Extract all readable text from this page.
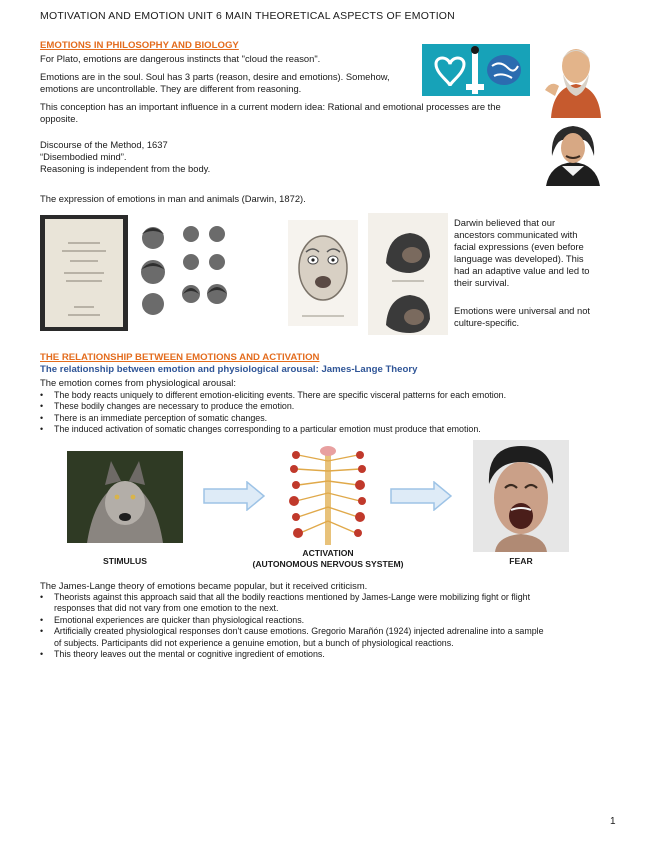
MOTIVATION AND EMOTION UNIT 6 MAIN THEORETICAL ASPECTS OF EMOTION
EMOTIONS IN PHILOSOPHY AND BIOLOGY
For Plato, emotions are dangerous instincts that "cloud the reason".
Emotions are in the soul. Soul has 3 parts (reason, desire and emotions). Somehow,
emotions are uncontrollable. They are different from reasoning.
This conception has an important influence in a current modern idea: Rational and emotional processes are the
opposite.
Discourse of the Method, 1637
“Disembodied mind”.
Reasoning is independent from the body.
The expression of emotions in man and animals (Darwin, 1872).
Darwin believed that our
ancestors communicated with
facial expressions (even before
language was developed). This
had an adaptive value and led to
their survival.
Emotions were universal and not
culture-specific.
THE RELATIONSHIP BETWEEN EMOTIONS AND ACTIVATION
The relationship between emotion and physiological arousal: James-Lange Theory
The emotion comes from physiological arousal:
• The body reacts uniquely to different emotion-eliciting events. There are specific visceral patterns for each emotion.
• These bodily changes are necessary to produce the emotion.
• There is an immediate perception of somatic changes.
• The induced activation of somatic changes corresponding to a particular emotion must produce that emotion.
STIMULUS
ACTIVATION
(AUTONOMOUS NERVOUS SYSTEM)	FEAR
The James-Lange theory of emotions became popular, but it received criticism.
• Theorists against this approach said that all the bodily reactions mentioned by James-Lange were mobilizing fight or flight
responses that did not vary from one emotion to the next.
• Emotional experiences are quicker than physiological reactions.
• Artificially created physiological responses don't cause emotions. Gregorio Marañón (1924) injected adrenaline into a sample
of subjects. Participants did not experience a genuine emotion, but a bunch of physiological reactions.
• This theory leaves out the mental or cognitive ingredient of emotions.
1
